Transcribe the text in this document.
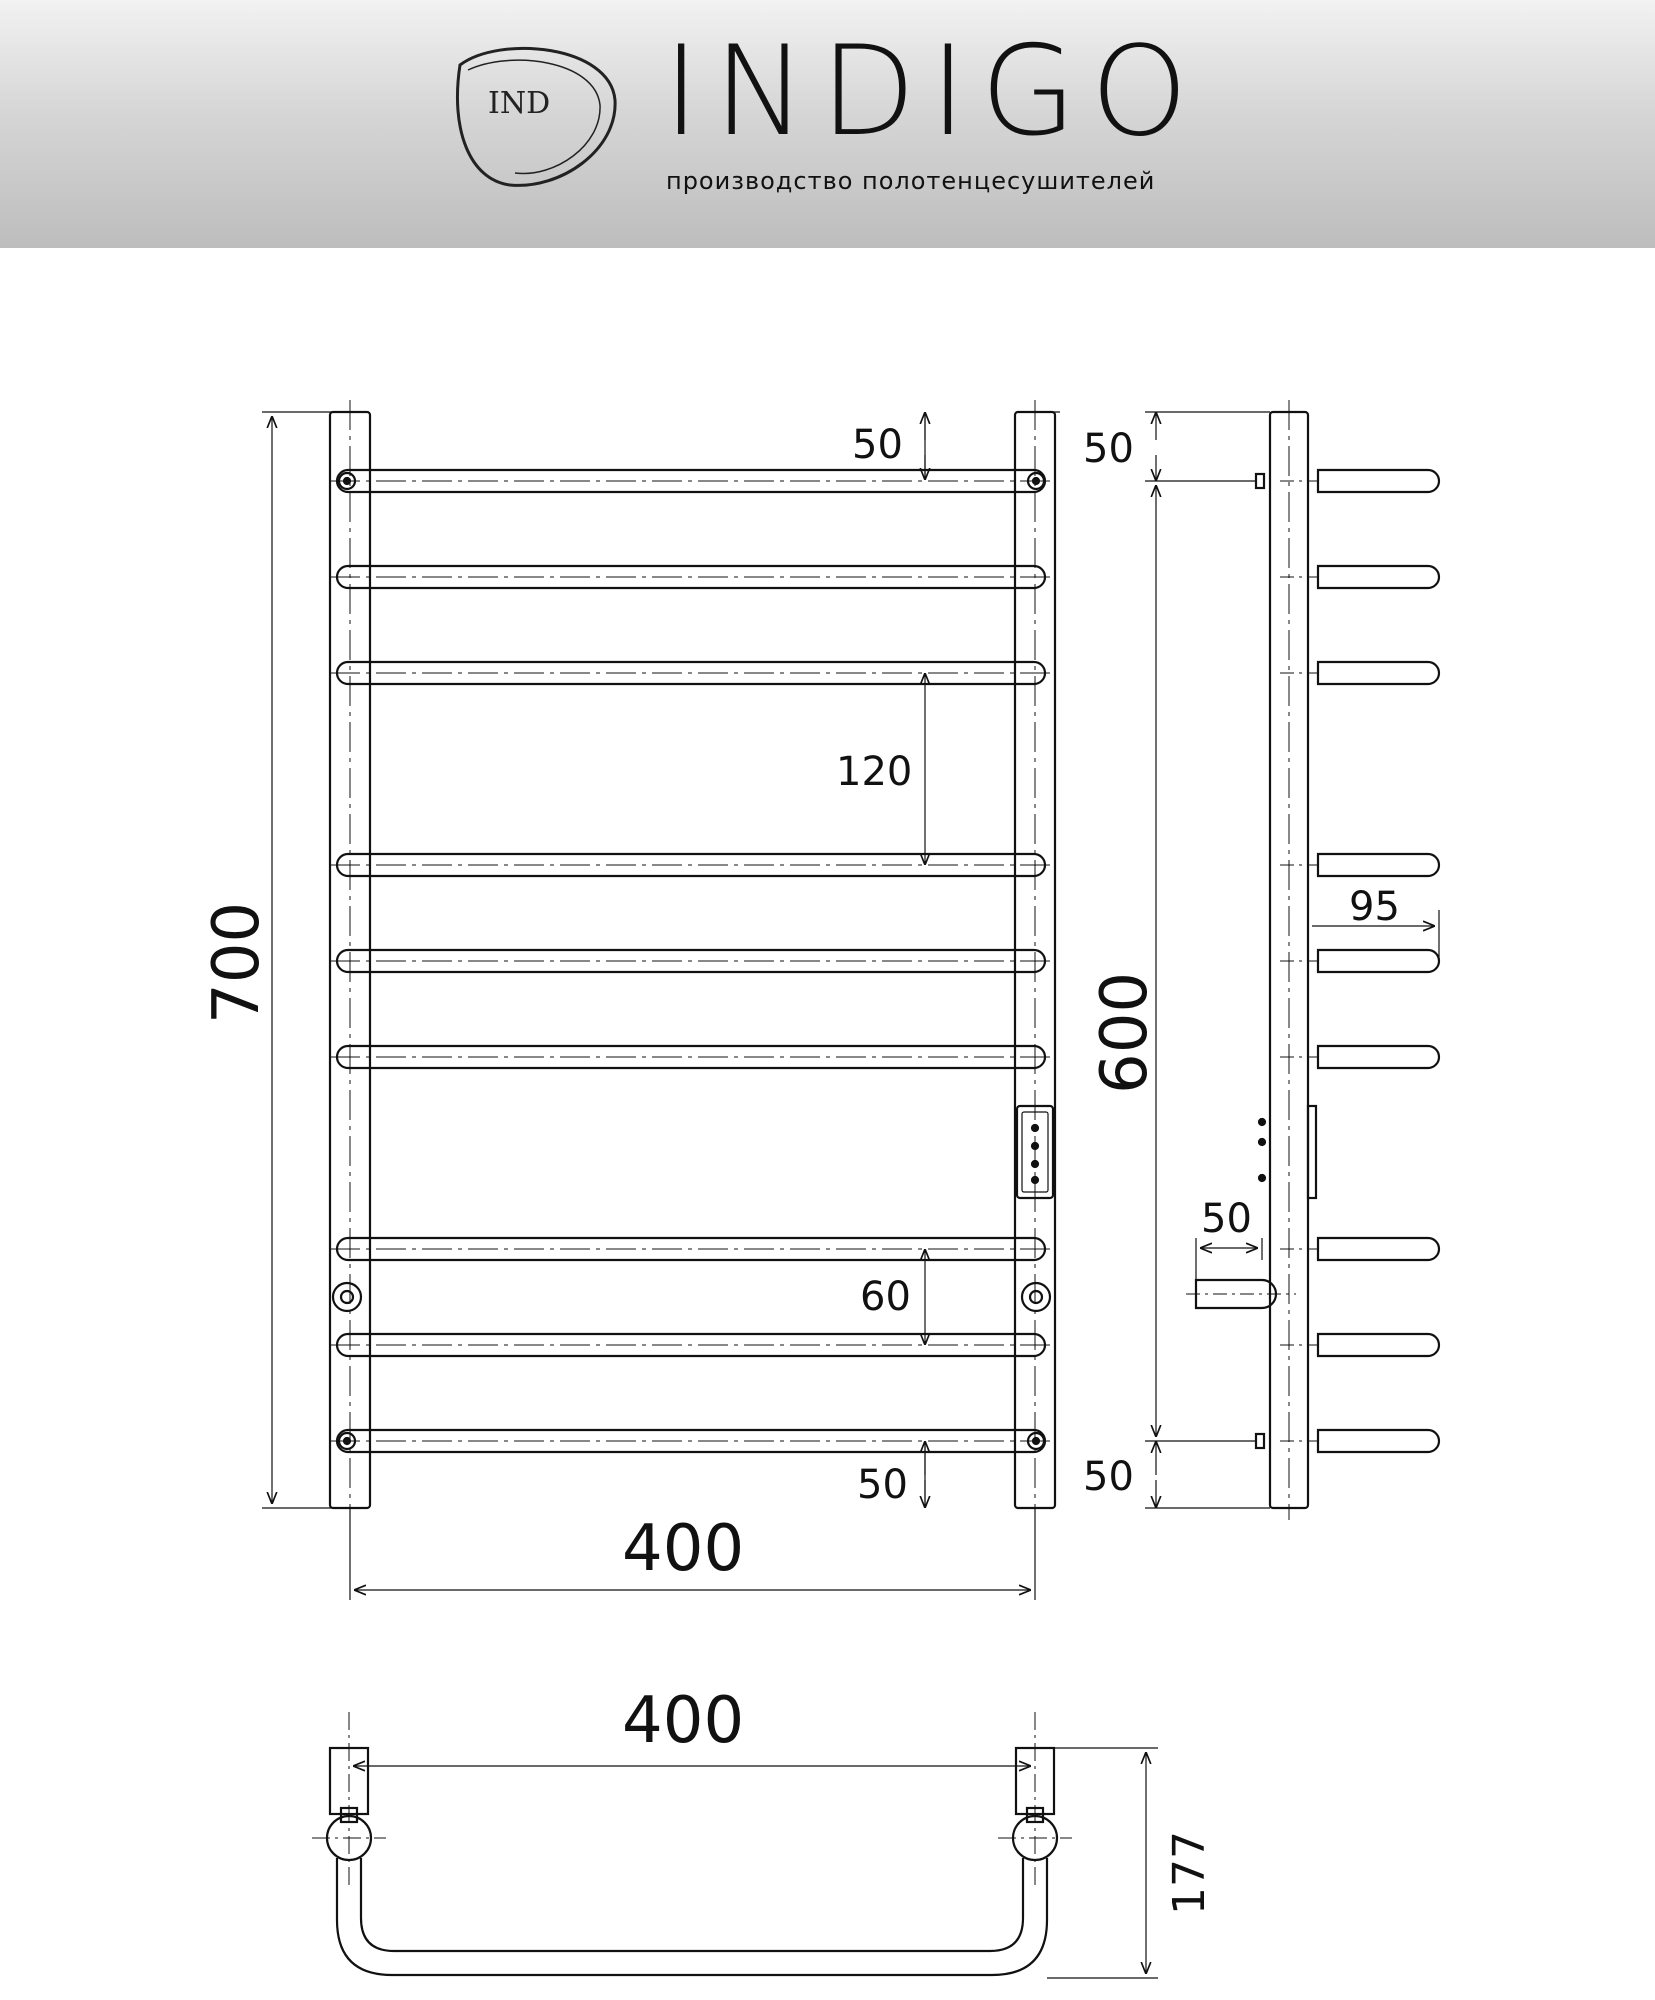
IND INDIGO
производство полотенцесушителей
700
50
120
60
50
400
50
600
95
50
50
400
177
